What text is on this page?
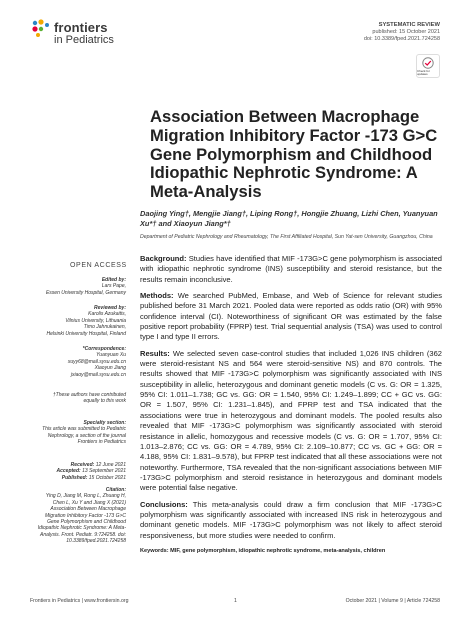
frontiers
in Pediatrics
SYSTEMATIC REVIEW
published: 15 October 2021
doi: 10.3389/fped.2021.724258
Check for updates
Association Between Macrophage Migration Inhibitory Factor -173 G>C Gene Polymorphism and Childhood Idiopathic Nephrotic Syndrome: A Meta-Analysis
Daojing Ying†, Mengjie Jiang†, Liping Rong†, Hongjie Zhuang, Lizhi Chen, Yuanyuan Xu*† and Xiaoyun Jiang*†
Department of Pediatric Nephrology and Rheumatology, The First Affiliated Hospital, Sun Yat-sen University, Guangzhou, China
OPEN ACCESS
Edited by:
Lars Pape,
Essen University Hospital, Germany
Reviewed by:
Karolis Azukaitis,
Vilnius University, Lithuania
Timo Jahnukainen,
Helsinki University Hospital, Finland
*Correspondence:
Yuanyuan Xu
xuyy68@mail.sysu.edu.cn
Xiaoyun Jiang
jxiaoy@mail.sysu.edu.cn
†These authors have contributed equally to this work
Specialty section:
This article was submitted to Pediatric Nephrology, a section of the journal Frontiers in Pediatrics
Received: 12 June 2021
Accepted: 13 September 2021
Published: 15 October 2021
Citation:
Ying D, Jiang M, Rong L, Zhuang H, Chen L, Xu Y and Jiang X (2021) Association Between Macrophage Migration Inhibitory Factor -173 G>C Gene Polymorphism and Childhood Idiopathic Nephrotic Syndrome: A Meta-Analysis. Front. Pediatr. 9:724258. doi: 10.3389/fped.2021.724258

Background: Studies have identified that MIF -173G>C gene polymorphism is associated with idiopathic nephrotic syndrome (INS) susceptibility and steroid resistance, but the results remain inconclusive.

Methods: We searched PubMed, Embase, and Web of Science for relevant studies published before 31 March 2021. Pooled data were reported as odds ratio (OR) with 95% confidence interval (CI). Noteworthiness of significant OR was estimated by the false positive report probability (FPRP) test. Trial sequential analysis (TSA) was used to control type I and type II errors.

Results: We selected seven case-control studies that included 1,026 INS children (362 were steroid-resistant NS and 564 were steroid-sensitive NS) and 870 controls. The results showed that MIF -173G>C polymorphism was significantly associated with INS susceptibility in allelic, heterozygous and dominant genetic models (C vs. G: OR = 1.325, 95% CI: 1.011–1.738; GC vs. GG: OR = 1.540, 95% CI: 1.249–1.899; CC + GC vs. GG: OR = 1.507, 95% CI: 1.231–1.845), and FPRP test and TSA indicated that the associations were true in heterozygous and dominant models. The pooled results also revealed that MIF -173G>C polymorphism was significantly associated with steroid resistance in allelic, homozygous and recessive models (C vs. G: OR = 1.707, 95% CI: 1.013–2.876; CC vs. GG: OR = 4.789, 95% CI: 2.109–10.877; CC vs. GC + GG: OR = 4.188, 95% CI: 1.831–9.578), but FPRP test indicated that all these associations were not noteworthy. Furthermore, TSA revealed that the non-significant associations between MIF -173G>C polymorphism and steroid resistance in heterozygous and dominant models were potential false negative.

Conclusions: This meta-analysis could draw a firm conclusion that MIF -173G>C polymorphism was significantly associated with increased INS risk in heterozygous and dominant genetic models. MIF -173G>C polymorphism was not likely to affect steroid responsiveness, but more studies were needed to confirm.

Keywords: MIF, gene polymorphism, idiopathic nephrotic syndrome, meta-analysis, children
Frontiers in Pediatrics | www.frontiersin.org	1	October 2021 | Volume 9 | Article 724258
